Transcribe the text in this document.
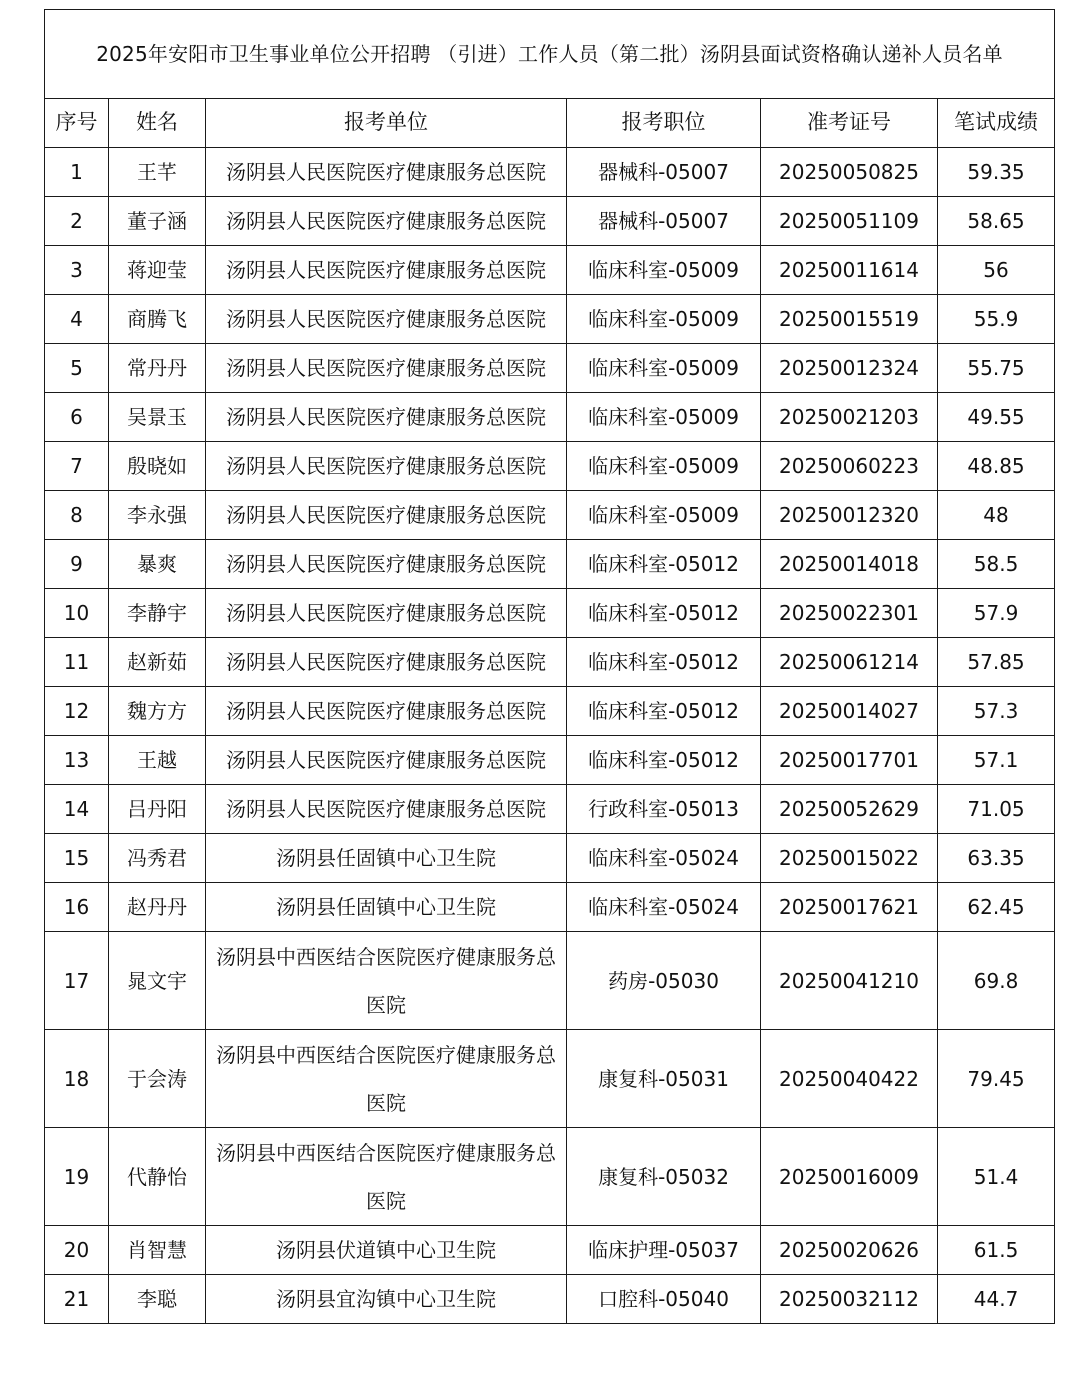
2025年安阳市卫生事业单位公开招聘 （引进）工作人员（第二批）汤阴县面试资格确认递补人员名单					
序号	姓名	报考单位	报考职位	准考证号	笔试成绩
1	王芊	汤阴县人民医院医疗健康服务总医院	器械科-05007	20250050825	59.35
2	董子涵	汤阴县人民医院医疗健康服务总医院	器械科-05007	20250051109	58.65
3	蒋迎莹	汤阴县人民医院医疗健康服务总医院	临床科室-05009	20250011614	56
4	商腾飞	汤阴县人民医院医疗健康服务总医院	临床科室-05009	20250015519	55.9
5	常丹丹	汤阴县人民医院医疗健康服务总医院	临床科室-05009	20250012324	55.75
6	吴景玉	汤阴县人民医院医疗健康服务总医院	临床科室-05009	20250021203	49.55
7	殷晓如	汤阴县人民医院医疗健康服务总医院	临床科室-05009	20250060223	48.85
8	李永强	汤阴县人民医院医疗健康服务总医院	临床科室-05009	20250012320	48
9	暴爽	汤阴县人民医院医疗健康服务总医院	临床科室-05012	20250014018	58.5
10	李静宇	汤阴县人民医院医疗健康服务总医院	临床科室-05012	20250022301	57.9
11	赵新茹	汤阴县人民医院医疗健康服务总医院	临床科室-05012	20250061214	57.85
12	魏方方	汤阴县人民医院医疗健康服务总医院	临床科室-05012	20250014027	57.3
13	王越	汤阴县人民医院医疗健康服务总医院	临床科室-05012	20250017701	57.1
14	吕丹阳	汤阴县人民医院医疗健康服务总医院	行政科室-05013	20250052629	71.05
15	冯秀君	汤阴县任固镇中心卫生院	临床科室-05024	20250015022	63.35
16	赵丹丹	汤阴县任固镇中心卫生院	临床科室-05024	20250017621	62.45
17	晁文宇	汤阴县中西医结合医院医疗健康服务总医院	药房-05030	20250041210	69.8
18	于会涛	汤阴县中西医结合医院医疗健康服务总医院	康复科-05031	20250040422	79.45
19	代静怡	汤阴县中西医结合医院医疗健康服务总医院	康复科-05032	20250016009	51.4
20	肖智慧	汤阴县伏道镇中心卫生院	临床护理-05037	20250020626	61.5
21	李聪	汤阴县宜沟镇中心卫生院	口腔科-05040	20250032112	44.7
